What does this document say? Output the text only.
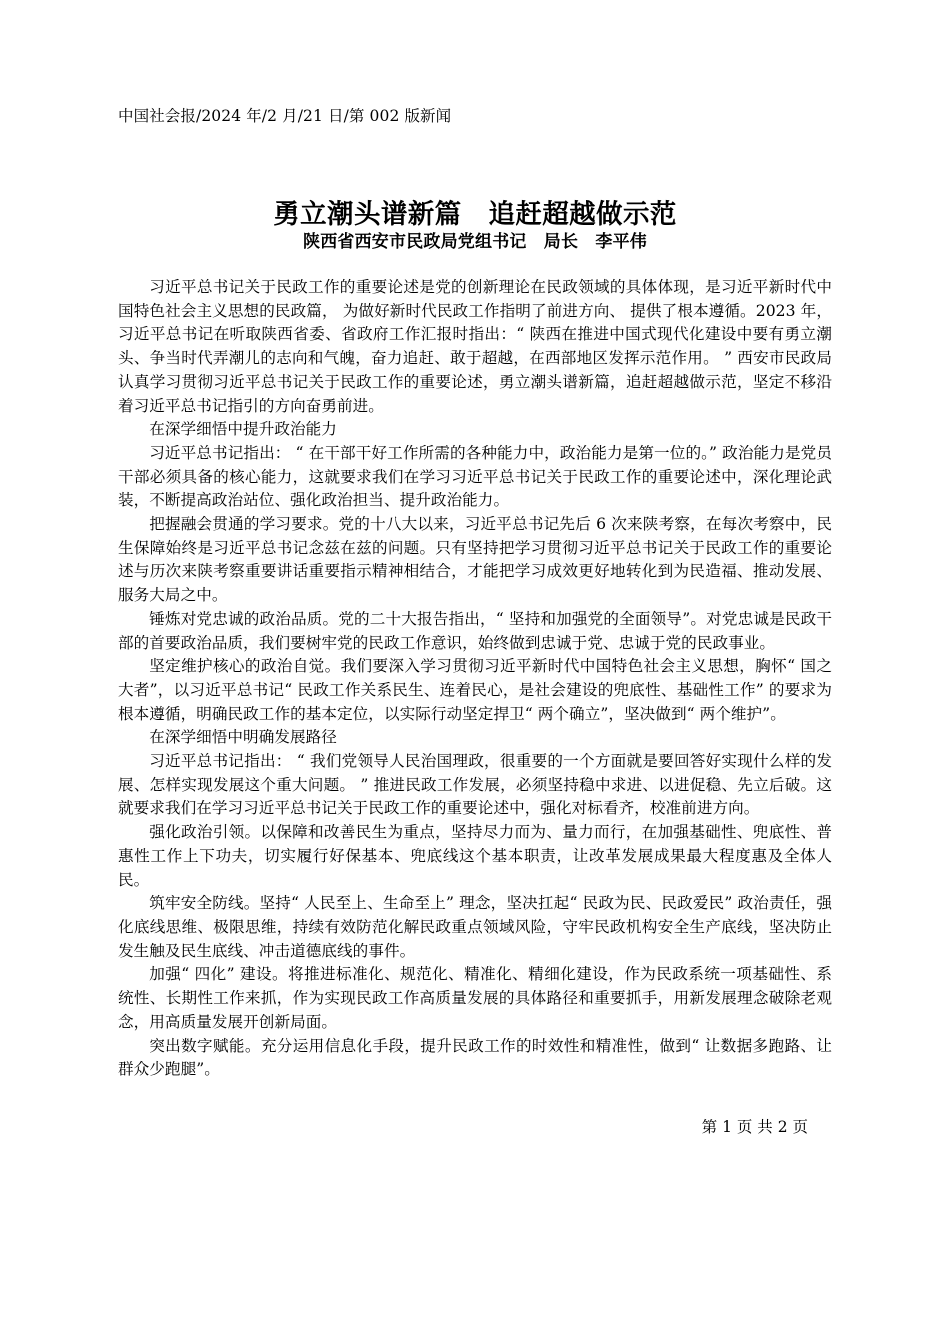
中国社会报/2024 年/2 月/21 日/第 002 版新闻
勇立潮头谱新篇　追赶超越做示范
陕西省西安市民政局党组书记　局长　李平伟

习近平总书记关于民政工作的重要论述是党的创新理论在民政领域的具体体现，是习近平新时代中国特色社会主义思想的民政篇， 为做好新时代民政工作指明了前进方向、 提供了根本遵循。2023 年，习近平总书记在听取陕西省委、省政府工作汇报时指出：“ 陕西在推进中国式现代化建设中要有勇立潮头、争当时代弄潮儿的志向和气魄，奋力追赶、敢于超越，在西部地区发挥示范作用。 ” 西安市民政局认真学习贯彻习近平总书记关于民政工作的重要论述，勇立潮头谱新篇，追赶超越做示范，坚定不移沿着习近平总书记指引的方向奋勇前进。

在深学细悟中提升政治能力

习近平总书记指出： “ 在干部干好工作所需的各种能力中，政治能力是第一位的。” 政治能力是党员干部必须具备的核心能力，这就要求我们在学习习近平总书记关于民政工作的重要论述中，深化理论武装，不断提高政治站位、强化政治担当、提升政治能力。

把握融会贯通的学习要求。党的十八大以来，习近平总书记先后 6 次来陕考察，在每次考察中，民生保障始终是习近平总书记念兹在兹的问题。只有坚持把学习贯彻习近平总书记关于民政工作的重要论述与历次来陕考察重要讲话重要指示精神相结合，才能把学习成效更好地转化到为民造福、推动发展、服务大局之中。

锤炼对党忠诚的政治品质。党的二十大报告指出，“ 坚持和加强党的全面领导”。对党忠诚是民政干部的首要政治品质，我们要树牢党的民政工作意识，始终做到忠诚于党、忠诚于党的民政事业。

坚定维护核心的政治自觉。我们要深入学习贯彻习近平新时代中国特色社会主义思想，胸怀“ 国之大者”，以习近平总书记“ 民政工作关系民生、连着民心，是社会建设的兜底性、基础性工作” 的要求为根本遵循，明确民政工作的基本定位，以实际行动坚定捍卫“ 两个确立”，坚决做到“ 两个维护”。

在深学细悟中明确发展路径

习近平总书记指出： “ 我们党领导人民治国理政，很重要的一个方面就是要回答好实现什么样的发展、怎样实现发展这个重大问题。 ” 推进民政工作发展，必须坚持稳中求进、以进促稳、先立后破。这就要求我们在学习习近平总书记关于民政工作的重要论述中，强化对标看齐，校准前进方向。

强化政治引领。以保障和改善民生为重点，坚持尽力而为、量力而行，在加强基础性、兜底性、普惠性工作上下功夫，切实履行好保基本、兜底线这个基本职责，让改革发展成果最大程度惠及全体人民。

筑牢安全防线。坚持“ 人民至上、生命至上” 理念，坚决扛起“ 民政为民、民政爱民” 政治责任，强化底线思维、极限思维，持续有效防范化解民政重点领域风险，守牢民政机构安全生产底线，坚决防止发生触及民生底线、冲击道德底线的事件。

加强“ 四化” 建设。将推进标准化、规范化、精准化、精细化建设，作为民政系统一项基础性、系统性、长期性工作来抓，作为实现民政工作高质量发展的具体路径和重要抓手，用新发展理念破除老观念，用高质量发展开创新局面。

突出数字赋能。充分运用信息化手段，提升民政工作的时效性和精准性，做到“ 让数据多跑路、让群众少跑腿”。

第 1 页 共 2 页
